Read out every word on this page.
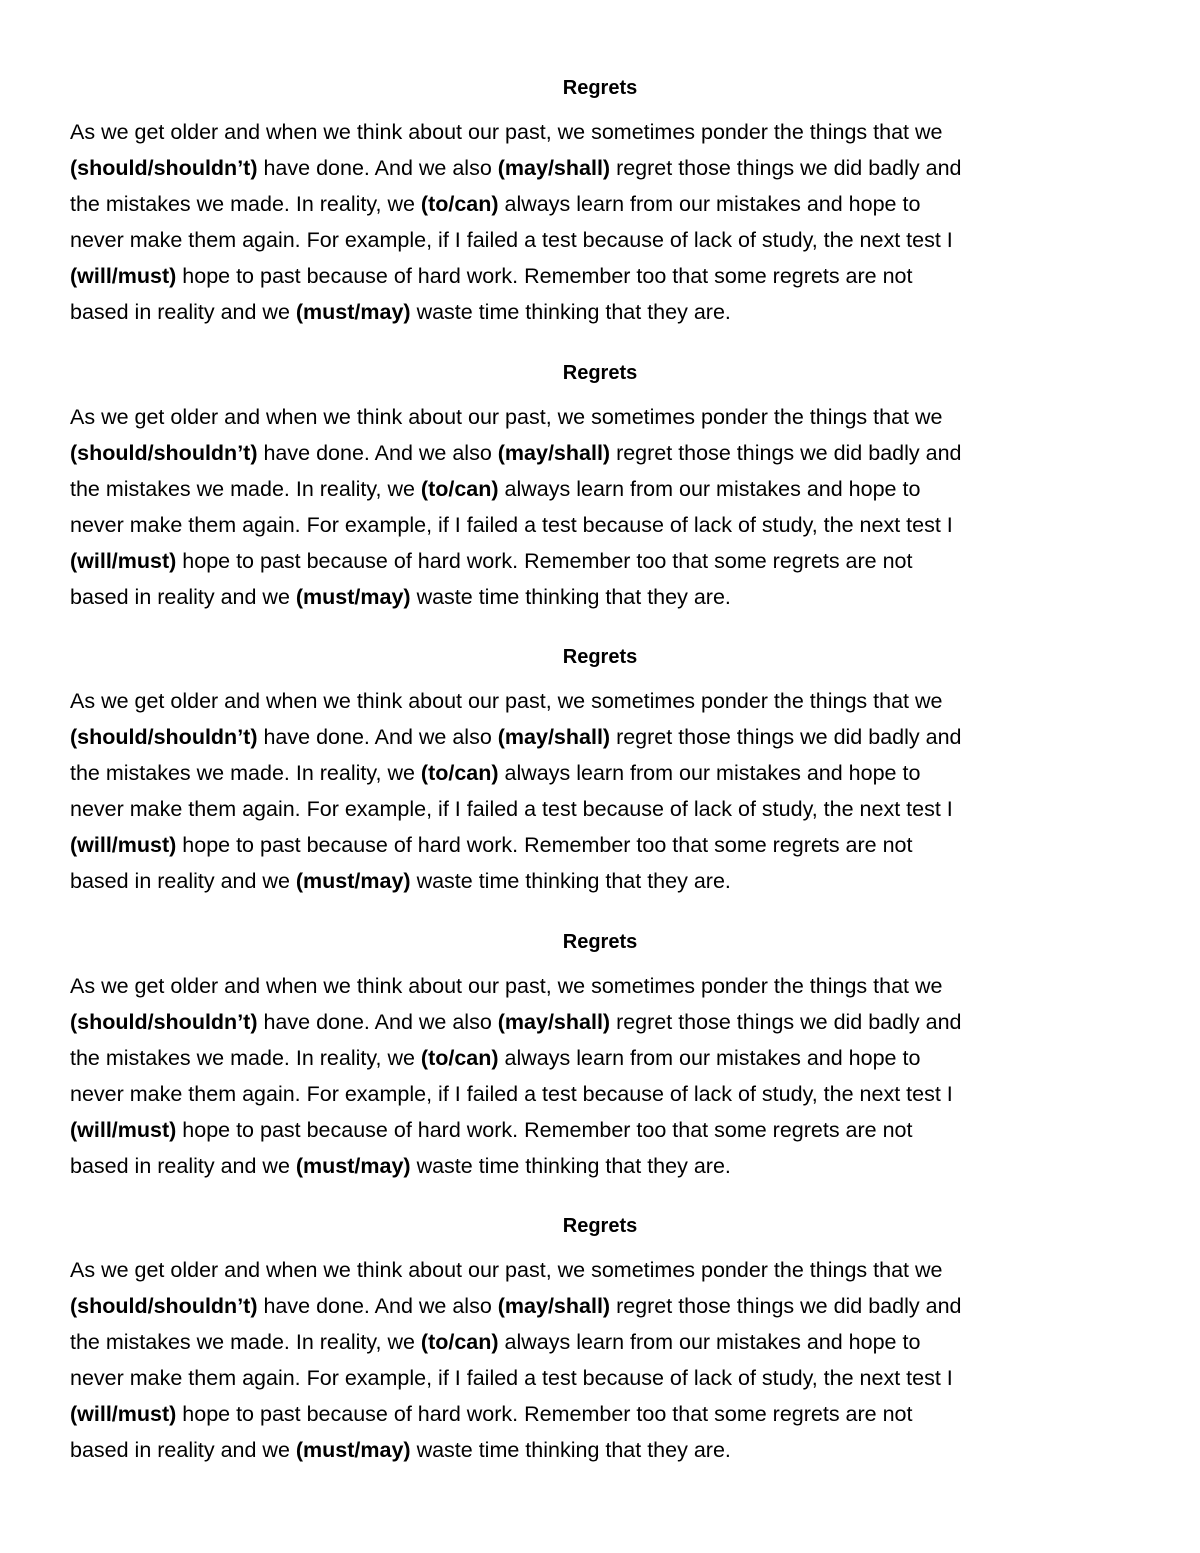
Regrets
As we get older and when we think about our past, we sometimes ponder the things that we
(should/shouldn’t) have done. And we also (may/shall) regret those things we did badly and
the mistakes we made. In reality, we (to/can) always learn from our mistakes and hope to
never make them again. For example, if I failed a test because of lack of study, the next test I
(will/must) hope to past because of hard work. Remember too that some regrets are not
based in reality and we (must/may) waste time thinking that they are.
Regrets
As we get older and when we think about our past, we sometimes ponder the things that we
(should/shouldn’t) have done. And we also (may/shall) regret those things we did badly and
the mistakes we made. In reality, we (to/can) always learn from our mistakes and hope to
never make them again. For example, if I failed a test because of lack of study, the next test I
(will/must) hope to past because of hard work. Remember too that some regrets are not
based in reality and we (must/may) waste time thinking that they are.
Regrets
As we get older and when we think about our past, we sometimes ponder the things that we
(should/shouldn’t) have done. And we also (may/shall) regret those things we did badly and
the mistakes we made. In reality, we (to/can) always learn from our mistakes and hope to
never make them again. For example, if I failed a test because of lack of study, the next test I
(will/must) hope to past because of hard work. Remember too that some regrets are not
based in reality and we (must/may) waste time thinking that they are.
Regrets
As we get older and when we think about our past, we sometimes ponder the things that we
(should/shouldn’t) have done. And we also (may/shall) regret those things we did badly and
the mistakes we made. In reality, we (to/can) always learn from our mistakes and hope to
never make them again. For example, if I failed a test because of lack of study, the next test I
(will/must) hope to past because of hard work. Remember too that some regrets are not
based in reality and we (must/may) waste time thinking that they are.
Regrets
As we get older and when we think about our past, we sometimes ponder the things that we
(should/shouldn’t) have done. And we also (may/shall) regret those things we did badly and
the mistakes we made. In reality, we (to/can) always learn from our mistakes and hope to
never make them again. For example, if I failed a test because of lack of study, the next test I
(will/must) hope to past because of hard work. Remember too that some regrets are not
based in reality and we (must/may) waste time thinking that they are.
